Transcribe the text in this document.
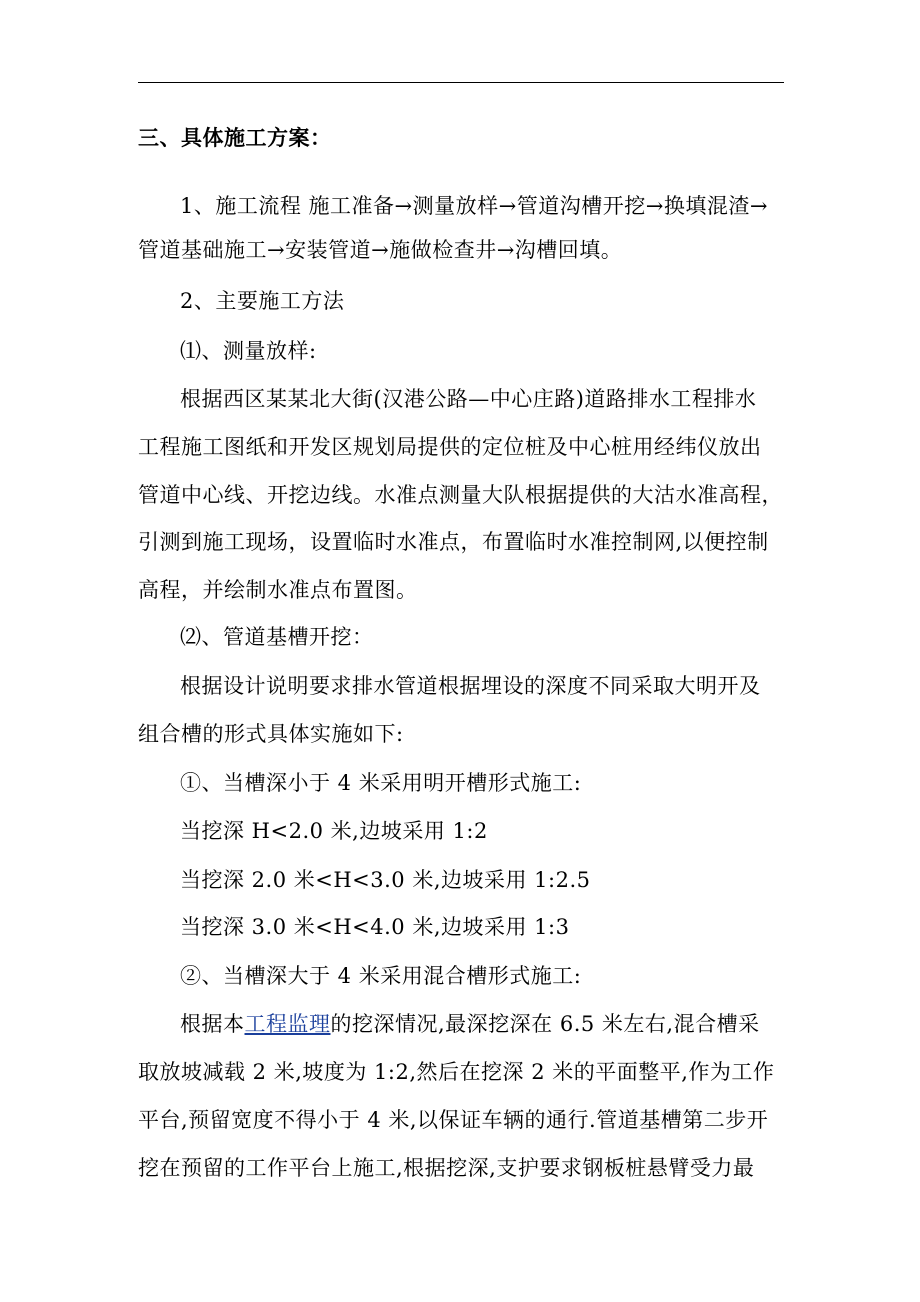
三、具体施工方案：
1、施工流程 施工准备→测量放样→管道沟槽开挖→换填混渣→
管道基础施工→安装管道→施做检查井→沟槽回填。
2、主要施工方法
⑴、测量放样:
根据西区某某北大街(汉港公路—中心庄路)道路排水工程排水
工程施工图纸和开发区规划局提供的定位桩及中心桩用经纬仪放出
管道中心线、开挖边线。水准点测量大队根据提供的大沽水准高程，
引测到施工现场，设置临时水准点，布置临时水准控制网,以便控制
高程，并绘制水准点布置图。
⑵、管道基槽开挖：
根据设计说明要求排水管道根据埋设的深度不同采取大明开及
组合槽的形式具体实施如下:
①、当槽深小于 4 米采用明开槽形式施工:
当挖深 H<2.0 米,边坡采用 1:2
当挖深 2.0 米<H<3.0 米,边坡采用 1:2.5
当挖深 3.0 米<H<4.0 米,边坡采用 1:3
②、当槽深大于 4 米采用混合槽形式施工:
根据本工程监理的挖深情况,最深挖深在 6.5 米左右,混合槽采
取放坡减载 2 米,坡度为 1:2,然后在挖深 2 米的平面整平,作为工作
平台,预留宽度不得小于 4 米,以保证车辆的通行.管道基槽第二步开
挖在预留的工作平台上施工,根据挖深,支护要求钢板桩悬臂受力最
